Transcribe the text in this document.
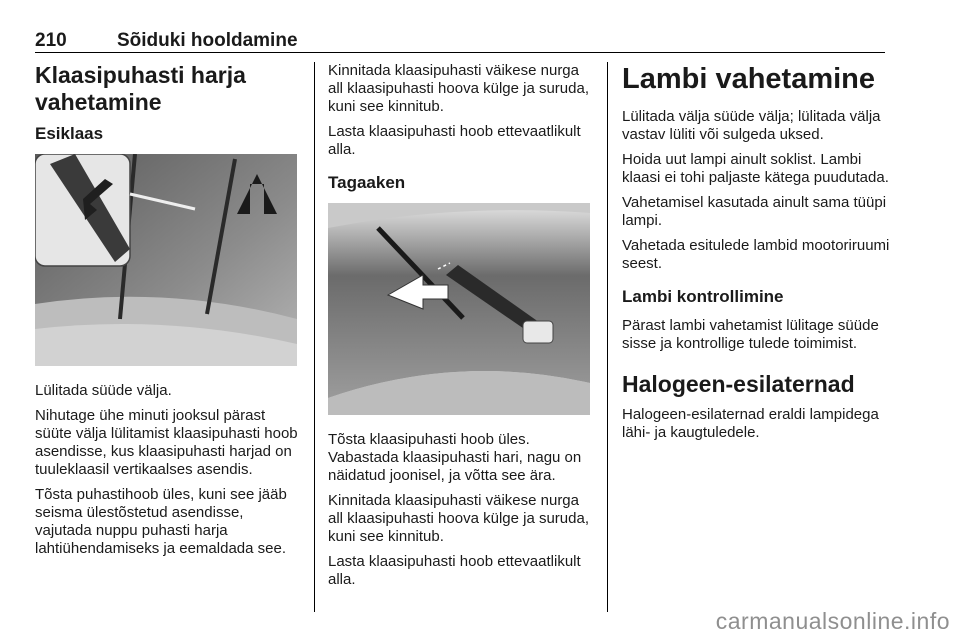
210	Sõiduki hooldamine
Klaasipuhasti harja vahetamine
Esiklaas

Lülitada süüde välja.

Nihutage ühe minuti jooksul pärast süüte välja lülitamist klaasipuhasti hoob asendisse, kus klaasipuhasti harjad on tuuleklaasil vertikaalses asendis.

Tõsta puhastihoob üles, kuni see jääb seisma ülestõstetud asendisse, vajutada nuppu puhasti harja lahtiühendamiseks ja eemaldada see.

Kinnitada klaasipuhasti väikese nurga all klaasipuhasti hoova külge ja suruda, kuni see kinnitub.

Lasta klaasipuhasti hoob ettevaatlikult alla.

Tagaaken

Tõsta klaasipuhasti hoob üles. Vabastada klaasipuhasti hari, nagu on näidatud joonisel, ja võtta see ära.

Kinnitada klaasipuhasti väikese nurga all klaasipuhasti hoova külge ja suruda, kuni see kinnitub.

Lasta klaasipuhasti hoob ettevaatlikult alla.

Lambi vahetamine

Lülitada välja süüde välja; lülitada välja vastav lüliti või sulgeda uksed.

Hoida uut lampi ainult soklist. Lambi klaasi ei tohi paljaste kätega puudutada.

Vahetamisel kasutada ainult sama tüüpi lampi.

Vahetada esitulede lambid mootoriruumi seest.

Lambi kontrollimine

Pärast lambi vahetamist lülitage süüde sisse ja kontrollige tulede toimimist.

Halogeen-esilaternad

Halogeen-esilaternad eraldi lampidega lähi- ja kaugtuledele.

carmanualsonline.info
